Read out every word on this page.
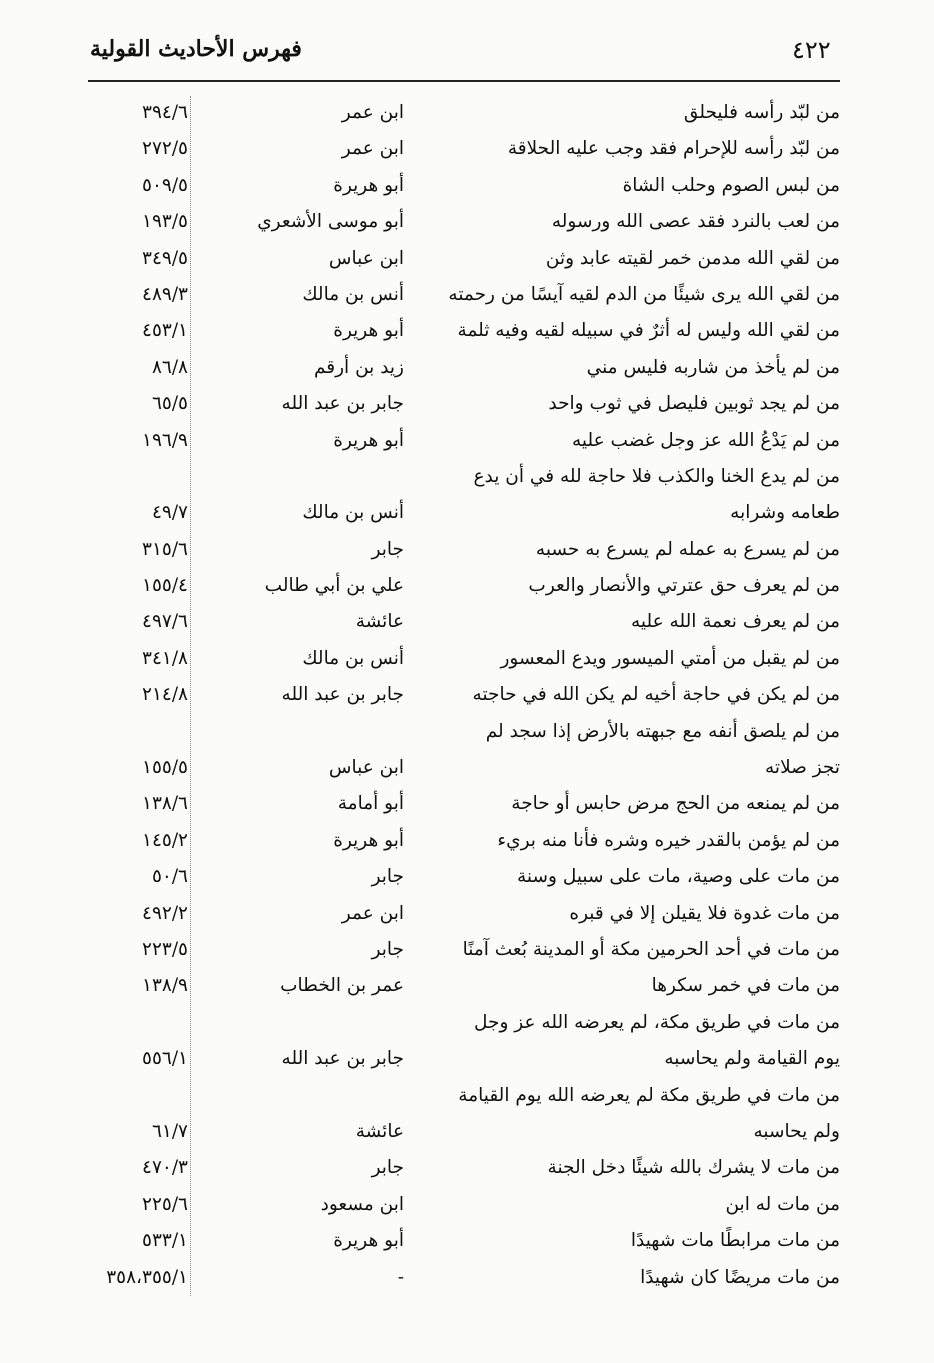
٤٢٢
فهرس الأحاديث القولية
من لبّد رأسه فليحلق
ابن عمر
٣٩٤/٦
من لبّد رأسه للإحرام فقد وجب عليه الحلاقة
ابن عمر
٢٧٢/٥
من لبس الصوم وحلب الشاة
أبو هريرة
٥٠٩/٥
من لعب بالنرد فقد عصى الله ورسوله
أبو موسى الأشعري
١٩٣/٥
من لقي الله مدمن خمر لقيته عابد وثن
ابن عباس
٣٤٩/٥
من لقي الله يرى شيئًا من الدم لقيه آيسًا من رحمته
أنس بن مالك
٤٨٩/٣
من لقي الله وليس له أثرٌ في سبيله لقيه وفيه ثلمة
أبو هريرة
٤٥٣/١
من لم يأخذ من شاربه فليس مني
زيد بن أرقم
٨٦/٨
من لم يجد ثوبين فليصل في ثوب واحد
جابر بن عبد الله
٦٥/٥
من لم يَدْعُ الله عز وجل غضب عليه
أبو هريرة
١٩٦/٩
من لم يدع الخنا والكذب فلا حاجة لله في أن يدع
طعامه وشرابه
أنس بن مالك
٤٩/٧
من لم يسرع به عمله لم يسرع به حسبه
جابر
٣١٥/٦
من لم يعرف حق عترتي والأنصار والعرب
علي بن أبي طالب
١٥٥/٤
من لم يعرف نعمة الله عليه
عائشة
٤٩٧/٦
من لم يقبل من أمتي الميسور ويدع المعسور
أنس بن مالك
٣٤١/٨
من لم يكن في حاجة أخيه لم يكن الله في حاجته
جابر بن عبد الله
٢١٤/٨
من لم يلصق أنفه مع جبهته بالأرض إذا سجد لم
تجز صلاته
ابن عباس
١٥٥/٥
من لم يمنعه من الحج مرض حابس أو حاجة
أبو أمامة
١٣٨/٦
من لم يؤمن بالقدر خيره وشره فأنا منه بريء
أبو هريرة
١٤٥/٢
من مات على وصية، مات على سبيل وسنة
جابر
٥٠/٦
من مات غدوة فلا يقيلن إلا في قبره
ابن عمر
٤٩٢/٢
من مات في أحد الحرمين مكة أو المدينة بُعث آمنًا
جابر
٢٢٣/٥
من مات في خمر سكرها
عمر بن الخطاب
١٣٨/٩
من مات في طريق مكة، لم يعرضه الله عز وجل
يوم القيامة ولم يحاسبه
جابر بن عبد الله
٥٥٦/١
من مات في طريق مكة لم يعرضه الله يوم القيامة
ولم يحاسبه
عائشة
٦١/٧
من مات لا يشرك بالله شيئًا دخل الجنة
جابر
٤٧٠/٣
من مات له ابن
ابن مسعود
٢٢٥/٦
من مات مرابطًا مات شهيدًا
أبو هريرة
٥٣٣/١
من مات مريضًا كان شهيدًا
-
٣٥٨،٣٥٥/١
